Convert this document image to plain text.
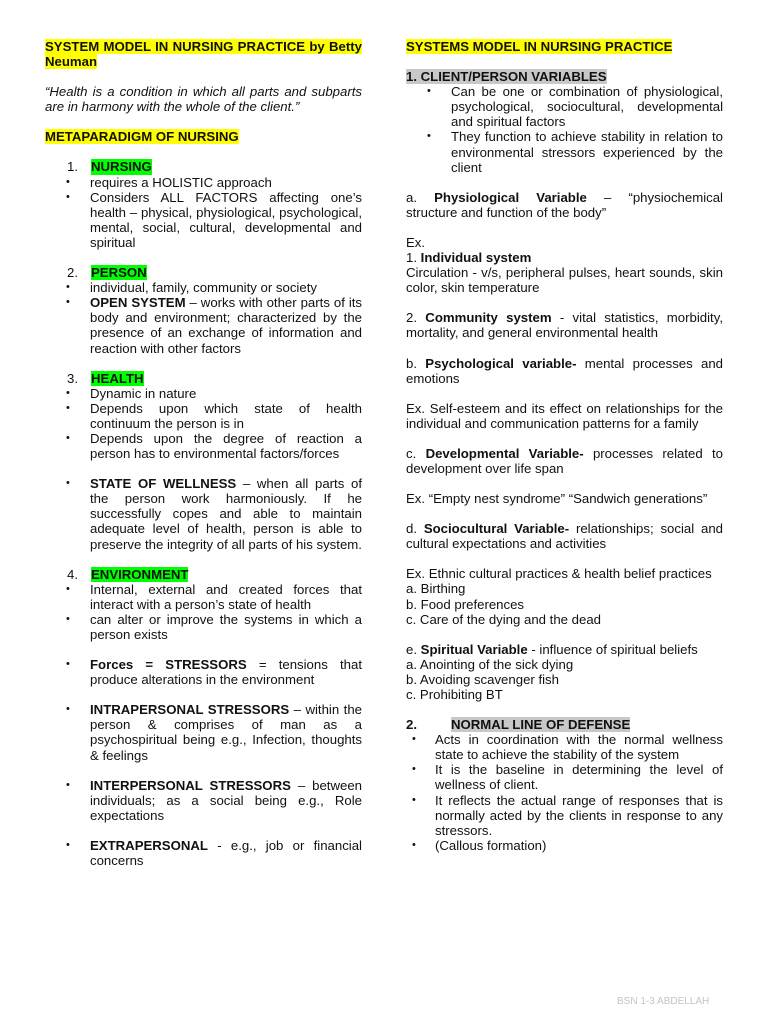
SYSTEM MODEL IN NURSING PRACTICE by Betty Neuman

“Health is a condition in which all parts and subparts are in harmony with the whole of the client.”

METAPARADIGM OF NURSING

1. NURSING
• requires a HOLISTIC approach
• Considers ALL FACTORS affecting one’s health – physical, physiological, psychological, mental, social, cultural, developmental and spiritual
2. PERSON
• individual, family, community or society
• OPEN SYSTEM – works with other parts of its body and environment; characterized by the presence of an exchange of information and reaction with other factors
3. HEALTH
• Dynamic in nature
• Depends upon which state of health continuum the person is in
• Depends upon the degree of reaction a person has to environmental factors/forces
• STATE OF WELLNESS – when all parts of the person work harmoniously. If he successfully copes and able to maintain adequate level of health, person is able to preserve the integrity of all parts of his system.
4. ENVIRONMENT
• Internal, external and created forces that interact with a person’s state of health
• can alter or improve the systems in which a person exists
• Forces = STRESSORS = tensions that produce alterations in the environment
• INTRAPERSONAL STRESSORS – within the person & comprises of man as a psychospiritual being e.g., Infection, thoughts & feelings
• INTERPERSONAL STRESSORS – between individuals; as a social being e.g., Role expectations
• EXTRAPERSONAL - e.g., job or financial concerns

SYSTEMS MODEL IN NURSING PRACTICE

1. CLIENT/PERSON VARIABLES

• Can be one or combination of physiological, psychological, sociocultural, developmental and spiritual factors
• They function to achieve stability in relation to environmental stressors experienced by the client

a. Physiological Variable – “physiochemical structure and function of the body”

Ex.

1. Individual system

Circulation - v/s, peripheral pulses, heart sounds, skin color, skin temperature

2. Community system - vital statistics, morbidity, mortality, and general environmental health

b. Psychological variable- mental processes and emotions

Ex. Self-esteem and its effect on relationships for the individual and communication patterns for a family

c. Developmental Variable- processes related to development over life span

Ex. “Empty nest syndrome” “Sandwich generations”

d. Sociocultural Variable- relationships; social and cultural expectations and activities

Ex. Ethnic cultural practices & health belief practices

a. Birthing

b. Food preferences

c. Care of the dying and the dead

e. Spiritual Variable - influence of spiritual beliefs

a. Anointing of the sick dying

b. Avoiding scavenger fish

c. Prohibiting BT

2.	NORMAL LINE OF DEFENSE
• Acts in coordination with the normal wellness state to achieve the stability of the system
• It is the baseline in determining the level of wellness of client.
• It reflects the actual range of responses that is normally acted by the clients in response to any stressors.
• (Callous formation)
BSN 1-3 ABDELLAH
